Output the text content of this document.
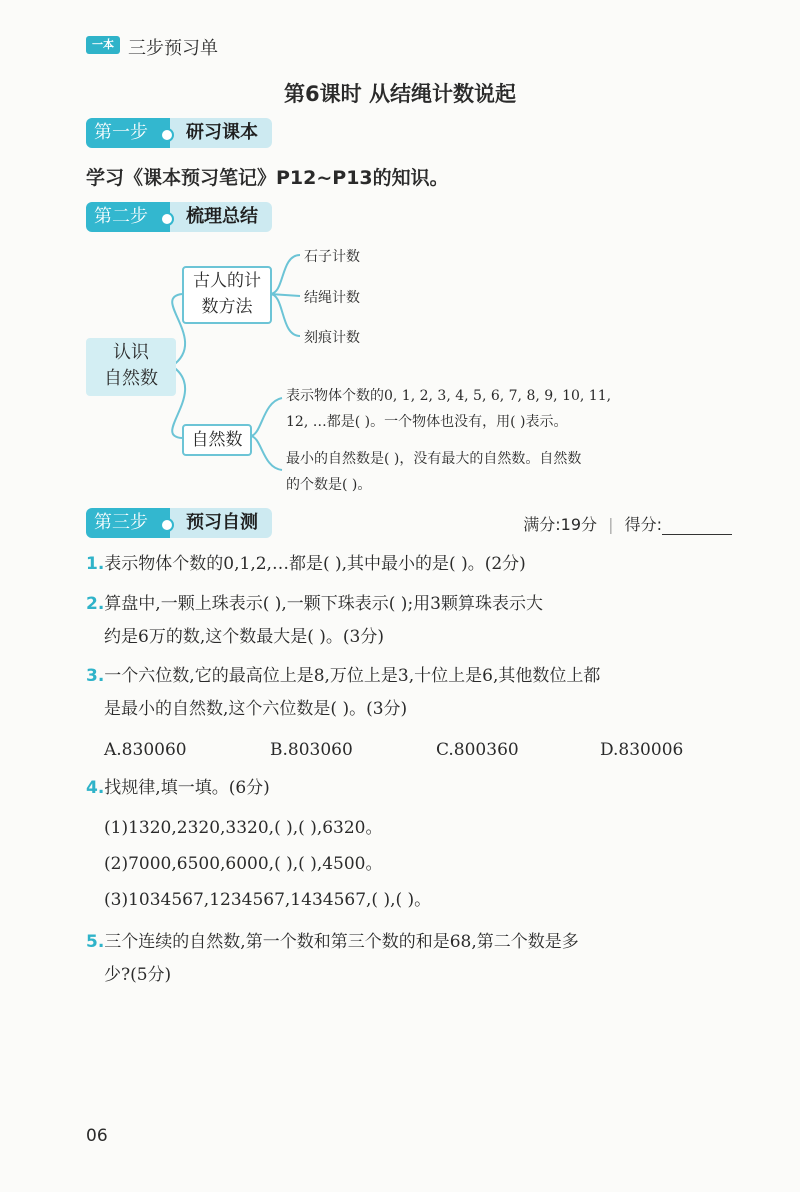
一本 三步预习单
第6课时 从结绳计数说起
第一步	研习课本
学习《课本预习笔记》P12~P13的知识。
第二步	梳理总结
认识
自然数
古人的计
数方法
自然数
石子计数
结绳计数
刻痕计数
表示物体个数的0, 1, 2, 3, 4, 5, 6, 7, 8, 9, 10, 11,
12, …都是( )。一个物体也没有，用( )表示。
最小的自然数是( )，没有最大的自然数。自然数
的个数是( )。
第三步	预习自测	满分:19分 | 得分:
1.表示物体个数的0,1,2,…都是( ),其中最小的是( )。(2分)
2.算盘中,一颗上珠表示( ),一颗下珠表示( );用3颗算珠表示大
约是6万的数,这个数最大是( )。(3分)
3.一个六位数,它的最高位上是8,万位上是3,十位上是6,其他数位上都
是最小的自然数,这个六位数是( )。(3分)
A.830060	B.803060	C.800360	D.830006
4.找规律,填一填。(6分)
(1)1320,2320,3320,( ),( ),6320。
(2)7000,6500,6000,( ),( ),4500。
(3)1034567,1234567,1434567,( ),( )。
5.三个连续的自然数,第一个数和第三个数的和是68,第二个数是多
少?(5分)
06
